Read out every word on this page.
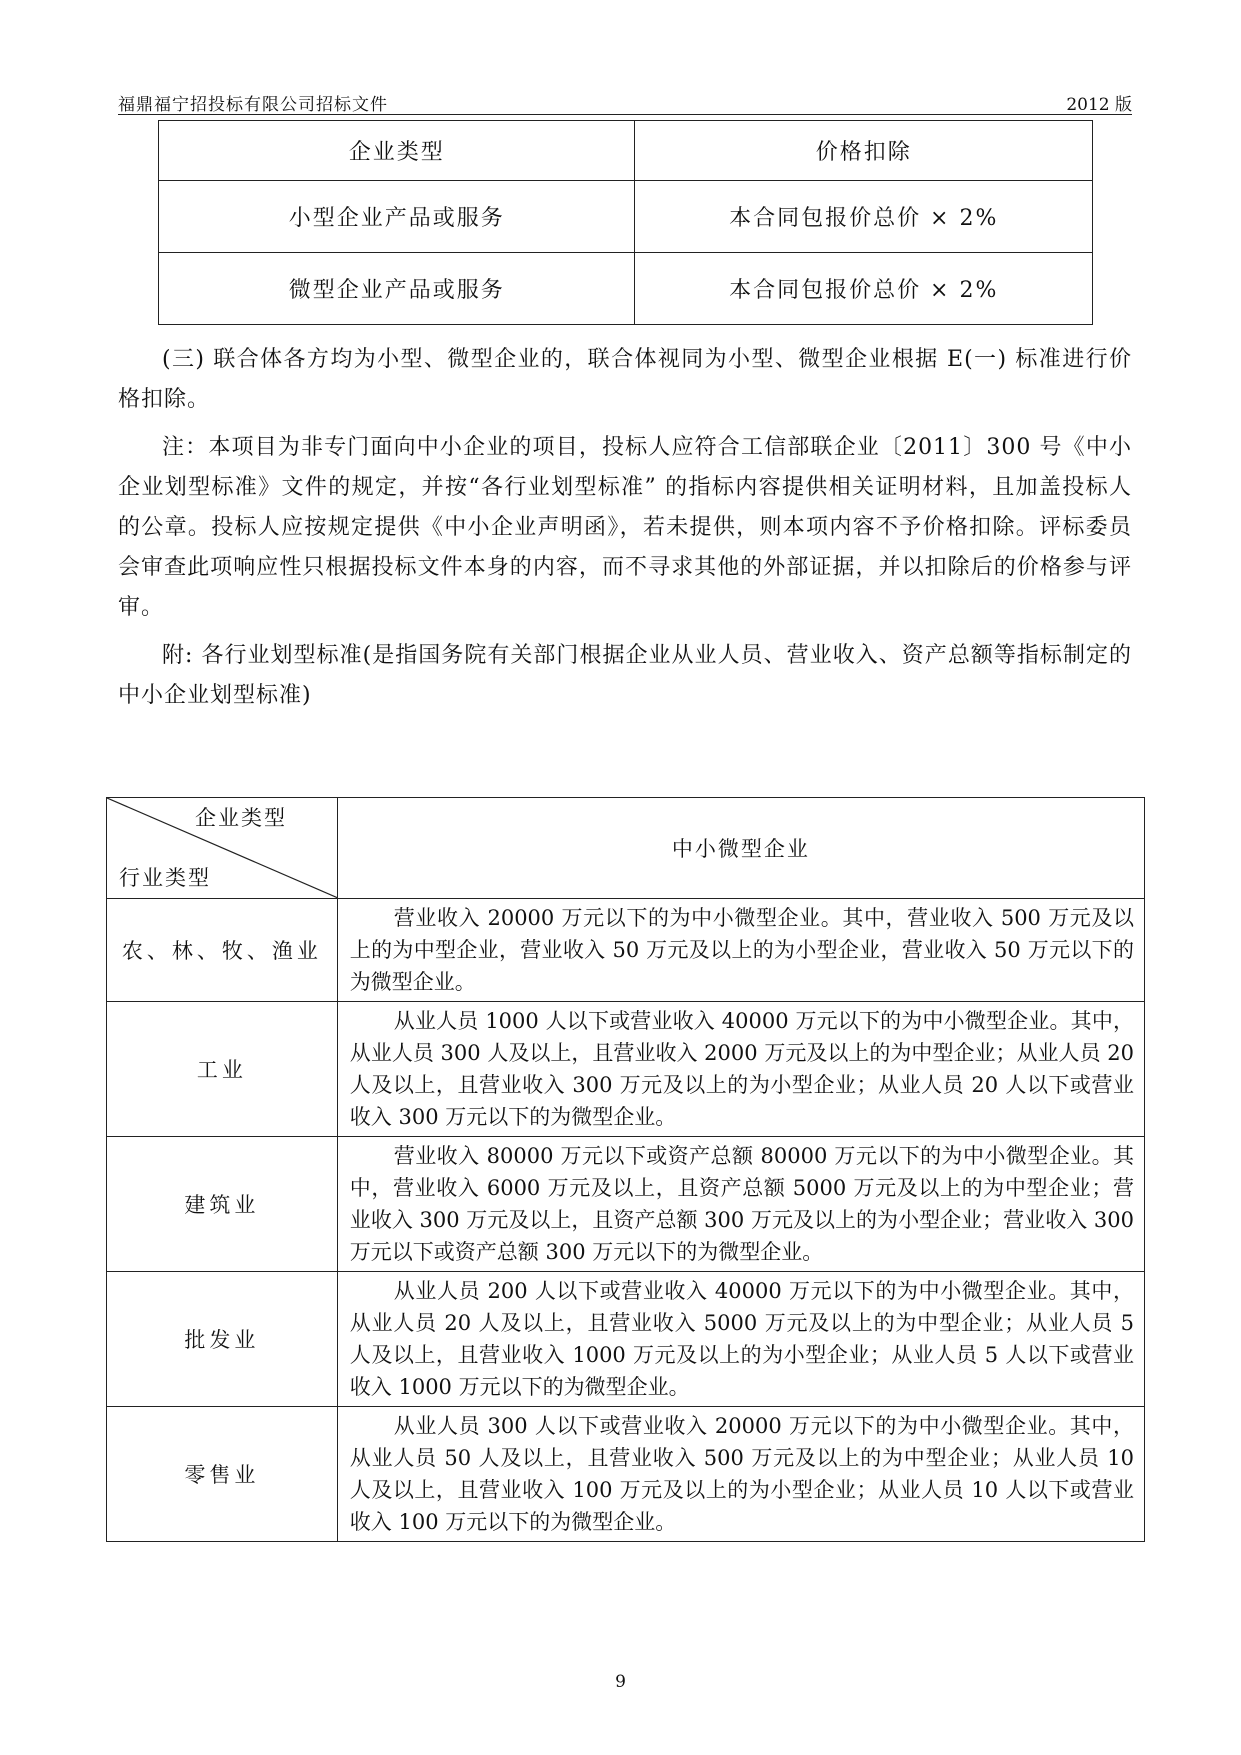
福鼎福宁招投标有限公司招标文件	2012 版
企业类型	价格扣除
小型企业产品或服务	本合同包报价总价 × 2%
微型企业产品或服务	本合同包报价总价 × 2%

(三) 联合体各方均为小型、微型企业的，联合体视同为小型、微型企业根据 E(一) 标准进行价格扣除。

注：本项目为非专门面向中小企业的项目，投标人应符合工信部联企业〔2011〕300 号《中小企业划型标准》文件的规定，并按“各行业划型标准” 的指标内容提供相关证明材料，且加盖投标人的公章。投标人应按规定提供《中小企业声明函》，若未提供，则本项内容不予价格扣除。评标委员会审查此项响应性只根据投标文件本身的内容，而不寻求其他的外部证据，并以扣除后的价格参与评审。

附: 各行业划型标准(是指国务院有关部门根据企业从业人员、营业收入、资产总额等指标制定的中小企业划型标准)

企业类型
行业类型	中小微型企业
农、林、牧、渔业	营业收入 20000 万元以下的为中小微型企业。其中，营业收入 500 万元及以上的为中型企业，营业收入 50 万元及以上的为小型企业，营业收入 50 万元以下的为微型企业。

工业	从业人员 1000 人以下或营业收入 40000 万元以下的为中小微型企业。其中，从业人员 300 人及以上，且营业收入 2000 万元及以上的为中型企业；从业人员 20 人及以上，且营业收入 300 万元及以上的为小型企业；从业人员 20 人以下或营业收入 300 万元以下的为微型企业。

建筑业	营业收入 80000 万元以下或资产总额 80000 万元以下的为中小微型企业。其中，营业收入 6000 万元及以上，且资产总额 5000 万元及以上的为中型企业；营业收入 300 万元及以上，且资产总额 300 万元及以上的为小型企业；营业收入 300 万元以下或资产总额 300 万元以下的为微型企业。

批发业	从业人员 200 人以下或营业收入 40000 万元以下的为中小微型企业。其中，从业人员 20 人及以上，且营业收入 5000 万元及以上的为中型企业；从业人员 5 人及以上，且营业收入 1000 万元及以上的为小型企业；从业人员 5 人以下或营业收入 1000 万元以下的为微型企业。

零售业	从业人员 300 人以下或营业收入 20000 万元以下的为中小微型企业。其中，从业人员 50 人及以上，且营业收入 500 万元及以上的为中型企业；从业人员 10 人及以上，且营业收入 100 万元及以上的为小型企业；从业人员 10 人以下或营业收入 100 万元以下的为微型企业。
9
